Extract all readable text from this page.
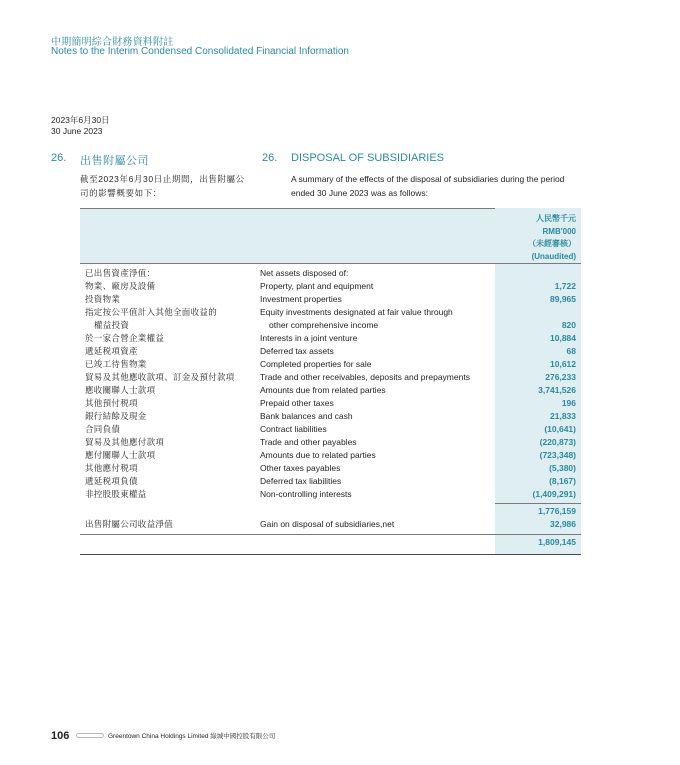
中期簡明綜合財務資料附註
Notes to the Interim Condensed Consolidated Financial Information
2023年6月30日
30 June 2023
26. 出售附屬公司	26. DISPOSAL OF SUBSIDIARIES
截至2023年6月30日止期間，出售附屬公司的影響概要如下：
A summary of the effects of the disposal of subsidiaries during the period ended 30 June 2023 was as follows:
人民幣千元
RMB'000
（未經審核）
(Unaudited)
已出售資產淨值：	Net assets disposed of:
物業、廠房及設備	Property, plant and equipment	1,722
投資物業	Investment properties	89,965
指定按公平值計入其他全面收益的	Equity investments designated at fair value through
權益投資	other comprehensive income	820
於一家合營企業權益	Interests in a joint venture	10,884
遞延税項資產	Deferred tax assets	68
已竣工待售物業	Completed properties for sale	10,612
貿易及其他應收款項、訂金及預付款項	Trade and other receivables, deposits and prepayments	276,233
應收關聯人士款項	Amounts due from related parties	3,741,526
其他預付税項	Prepaid other taxes	196
銀行結餘及現金	Bank balances and cash	21,833
合同負債	Contract liabilities	(10,641)
貿易及其他應付款項	Trade and other payables	(220,873)
應付關聯人士款項	Amounts due to related parties	(723,348)
其他應付税項	Other taxes payables	(5,380)
遞延税項負債	Deferred tax liabilities	(8,167)
非控股股東權益	Non-controlling interests	(1,409,291)
1,776,159
出售附屬公司收益淨值	Gain on disposal of subsidiaries,net	32,986
1,809,145
106	Greentown China Holdings Limited 綠城中國控股有限公司
